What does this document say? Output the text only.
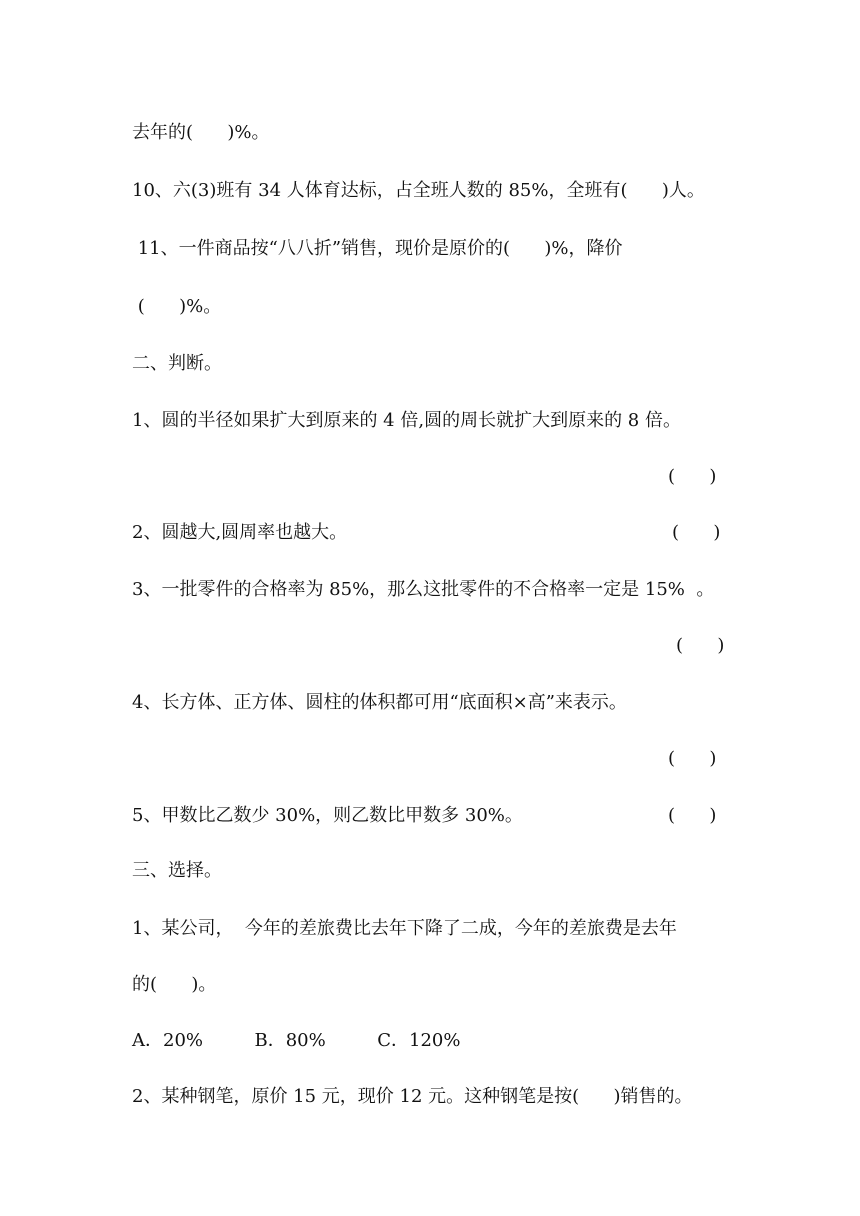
去年的(      )%。
10、六(3)班有 34 人体育达标，占全班人数的 85%，全班有(      )人。
11、一件商品按“八八折”销售，现价是原价的(      )%，降价
(      )%。
二、判断。
1、圆的半径如果扩大到原来的 4 倍,圆的周长就扩大到原来的 8 倍。
(      )
2、圆越大,圆周率也越大。	(      )
3、一批零件的合格率为 85%，那么这批零件的不合格率一定是 15%  。
(      )
4、长方体、正方体、圆柱的体积都可用“底面积×高”来表示。
(      )
5、甲数比乙数少 30%，则乙数比甲数多 30%。	(      )
三、选择。
1、某公司，  今年的差旅费比去年下降了二成，今年的差旅费是去年
的(      )。
A．20%         B．80%         C．120%
2、某种钢笔，原价 15 元，现价 12 元。这种钢笔是按(      )销售的。
